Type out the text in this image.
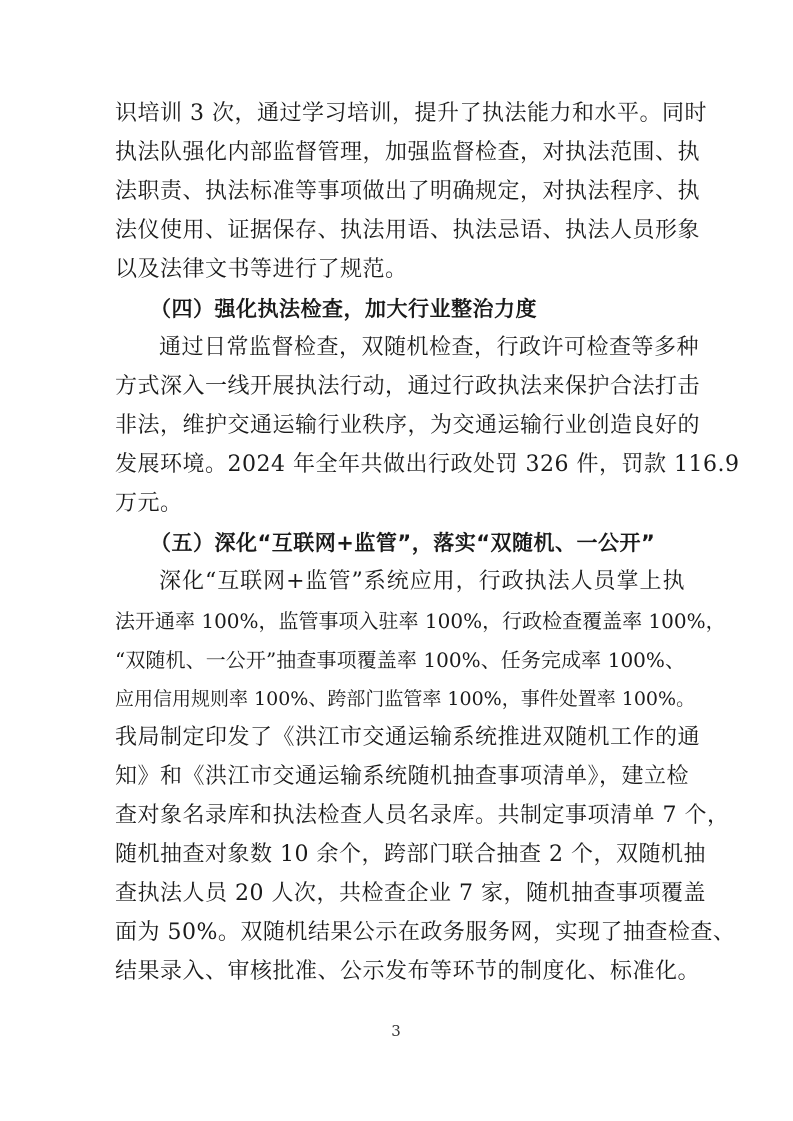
识培训 3 次，通过学习培训，提升了执法能力和水平。同时
执法队强化内部监督管理，加强监督检查，对执法范围、执
法职责、执法标准等事项做出了明确规定，对执法程序、执
法仪使用、证据保存、执法用语、执法忌语、执法人员形象
以及法律文书等进行了规范。
（四）强化执法检查，加大行业整治力度
通过日常监督检查，双随机检查，行政许可检查等多种
方式深入一线开展执法行动，通过行政执法来保护合法打击
非法，维护交通运输行业秩序，为交通运输行业创造良好的
发展环境。2024 年全年共做出行政处罚 326 件，罚款 116.9
万元。
（五）深化“互联网+监管”，落实“双随机、一公开”
深化“互联网+监管”系统应用，行政执法人员掌上执
法开通率 100%，监管事项入驻率 100%，行政检查覆盖率 100%，
“双随机、一公开”抽查事项覆盖率 100%、任务完成率 100%、
应用信用规则率 100%、跨部门监管率 100%，事件处置率 100%。
我局制定印发了《洪江市交通运输系统推进双随机工作的通
知》和《洪江市交通运输系统随机抽查事项清单》，建立检
查对象名录库和执法检查人员名录库。共制定事项清单 7 个，
随机抽查对象数 10 余个，跨部门联合抽查 2 个，双随机抽
查执法人员 20 人次，共检查企业 7 家，随机抽查事项覆盖
面为 50%。双随机结果公示在政务服务网，实现了抽查检查、
结果录入、审核批准、公示发布等环节的制度化、标准化。
3
